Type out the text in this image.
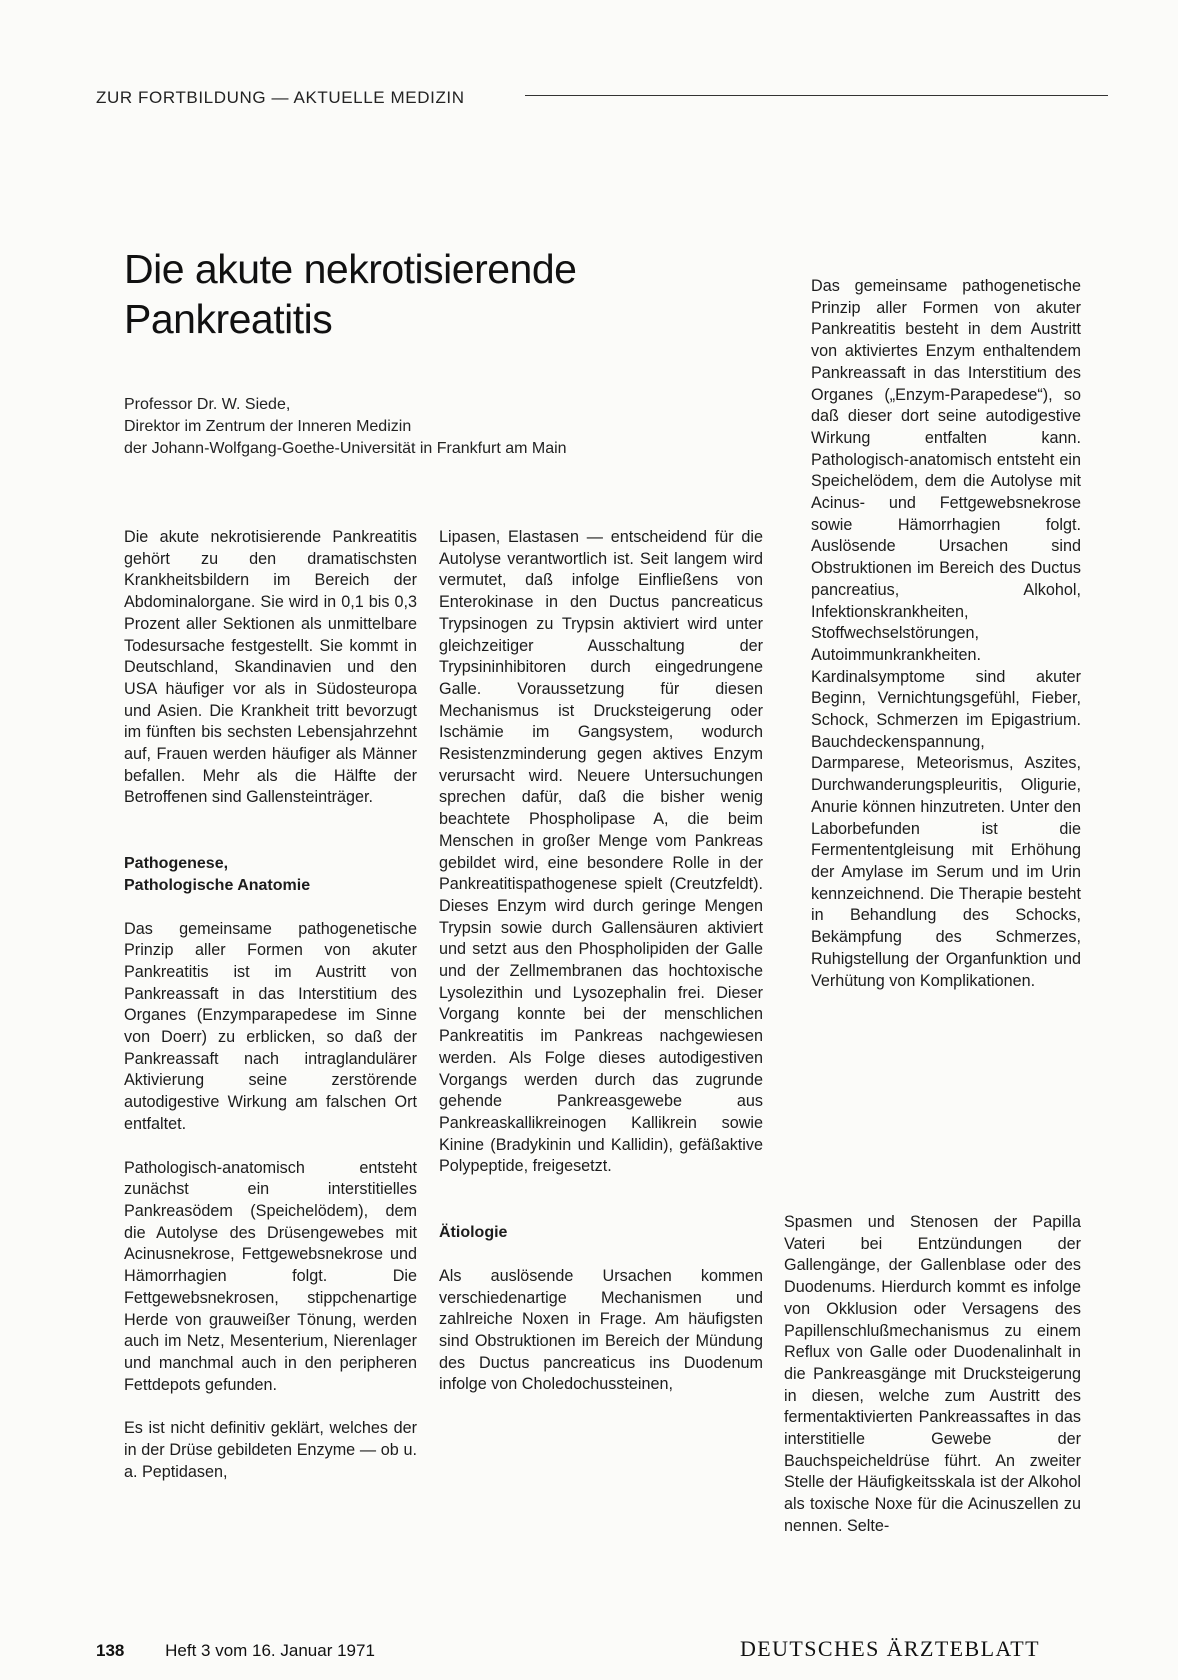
ZUR FORTBILDUNG — AKTUELLE MEDIZIN
Die akute nekrotisierende
Pankreatitis
Professor Dr. W. Siede,
Direktor im Zentrum der Inneren Medizin
der Johann-Wolfgang-Goethe-Universität in Frankfurt am Main

Die akute nekrotisierende Pankreatitis gehört zu den dramatischsten Krankheitsbildern im Bereich der Abdominalorgane. Sie wird in 0,1 bis 0,3 Prozent aller Sektionen als unmittelbare Todesursache festgestellt. Sie kommt in Deutschland, Skandinavien und den USA häufiger vor als in Südosteuropa und Asien. Die Krankheit tritt bevorzugt im fünften bis sechsten Lebensjahrzehnt auf, Frauen werden häufiger als Männer befallen. Mehr als die Hälfte der Betroffenen sind Gallensteinträger.

Pathogenese,
Pathologische Anatomie

Das gemeinsame pathogenetische Prinzip aller Formen von akuter Pankreatitis ist im Austritt von Pankreassaft in das Interstitium des Organes (Enzymparapedese im Sinne von Doerr) zu erblicken, so daß der Pankreassaft nach intraglandulärer Aktivierung seine zerstörende autodigestive Wirkung am falschen Ort entfaltet.

Pathologisch-anatomisch entsteht zunächst ein interstitielles Pankreasödem (Speichelödem), dem die Autolyse des Drüsengewebes mit Acinusnekrose, Fettgewebsnekrose und Hämorrhagien folgt. Die Fettgewebsnekrosen, stippchenartige Herde von grauweißer Tönung, werden auch im Netz, Mesenterium, Nierenlager und manchmal auch in den peripheren Fettdepots gefunden.

Es ist nicht definitiv geklärt, welches der in der Drüse gebildeten Enzyme — ob u. a. Peptidasen,

Lipasen, Elastasen — entscheidend für die Autolyse verantwortlich ist. Seit langem wird vermutet, daß infolge Einfließens von Enterokinase in den Ductus pancreaticus Trypsinogen zu Trypsin aktiviert wird unter gleichzeitiger Ausschaltung der Trypsininhibitoren durch eingedrungene Galle. Voraussetzung für diesen Mechanismus ist Drucksteigerung oder Ischämie im Gangsystem, wodurch Resistenzminderung gegen aktives Enzym verursacht wird. Neuere Untersuchungen sprechen dafür, daß die bisher wenig beachtete Phospholipase A, die beim Menschen in großer Menge vom Pankreas gebildet wird, eine besondere Rolle in der Pankreatitispathogenese spielt (Creutzfeldt). Dieses Enzym wird durch geringe Mengen Trypsin sowie durch Gallensäuren aktiviert und setzt aus den Phospholipiden der Galle und der Zellmembranen das hochtoxische Lysolezithin und Lysozephalin frei. Dieser Vorgang konnte bei der menschlichen Pankreatitis im Pankreas nachgewiesen werden. Als Folge dieses autodigestiven Vorgangs werden durch das zugrunde gehende Pankreasgewebe aus Pankreaskallikreinogen Kallikrein sowie Kinine (Bradykinin und Kallidin), gefäßaktive Polypeptide, freigesetzt.

Ätiologie

Als auslösende Ursachen kommen verschiedenartige Mechanismen und zahlreiche Noxen in Frage. Am häufigsten sind Obstruktionen im Bereich der Mündung des Ductus pancreaticus ins Duodenum infolge von Choledochussteinen,

Das gemeinsame pathogenetische Prinzip aller Formen von akuter Pankreatitis besteht in dem Austritt von aktiviertes Enzym enthaltendem Pankreassaft in das Interstitium des Organes („Enzym-Parapedese“), so daß dieser dort seine autodigestive Wirkung entfalten kann. Pathologisch-anatomisch entsteht ein Speichelödem, dem die Autolyse mit Acinus- und Fettgewebsnekrose sowie Hämorrhagien folgt. Auslösende Ursachen sind Obstruktionen im Bereich des Ductus pancreatius, Alkohol, Infektionskrankheiten, Stoffwechselstörungen, Autoimmunkrankheiten. Kardinalsymptome sind akuter Beginn, Vernichtungsgefühl, Fieber, Schock, Schmerzen im Epigastrium. Bauchdeckenspannung, Darmparese, Meteorismus, Aszites, Durchwanderungspleuritis, Oligurie, Anurie können hinzutreten. Unter den Laborbefunden ist die Fermententgleisung mit Erhöhung der Amylase im Serum und im Urin kennzeichnend. Die Therapie besteht in Behandlung des Schocks, Bekämpfung des Schmerzes, Ruhigstellung der Organfunktion und Verhütung von Komplikationen.

Spasmen und Stenosen der Papilla Vateri bei Entzündungen der Gallengänge, der Gallenblase oder des Duodenums. Hierdurch kommt es infolge von Okklusion oder Versagens des Papillenschlußmechanismus zu einem Reflux von Galle oder Duodenalinhalt in die Pankreasgänge mit Drucksteigerung in diesen, welche zum Austritt des fermentaktivierten Pankreassaftes in das interstitielle Gewebe der Bauchspeicheldrüse führt. An zweiter Stelle der Häufigkeitsskala ist der Alkohol als toxische Noxe für die Acinuszellen zu nennen. Selte-

138 Heft 3 vom 16. Januar 1971	DEUTSCHES ÄRZTEBLATT
